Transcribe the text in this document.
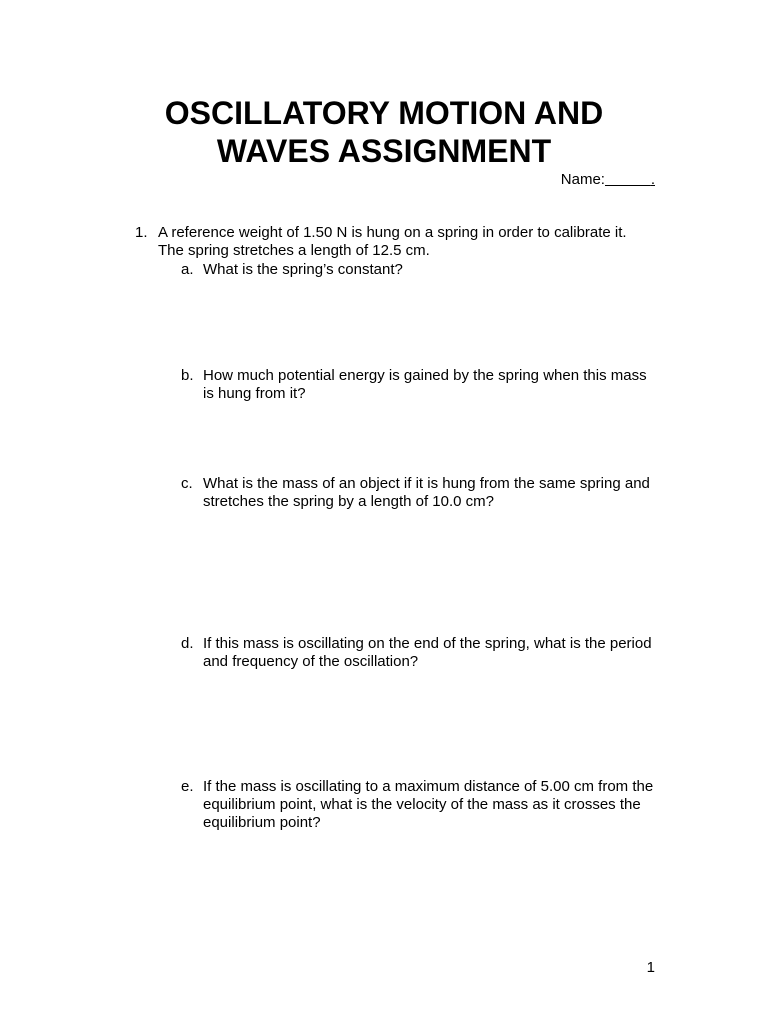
OSCILLATORY MOTION AND
WAVES ASSIGNMENT
Name:	.
1. A reference weight of 1.50 N is hung on a spring in order to calibrate it. The spring stretches a length of 12.5 cm.
a. What is the spring’s constant?
b. How much potential energy is gained by the spring when this mass is hung from it?
c. What is the mass of an object if it is hung from the same spring and stretches the spring by a length of 10.0 cm?
d. If this mass is oscillating on the end of the spring, what is the period and frequency of the oscillation?
e. If the mass is oscillating to a maximum distance of 5.00 cm from the equilibrium point, what is the velocity of the mass as it crosses the equilibrium point?
1
